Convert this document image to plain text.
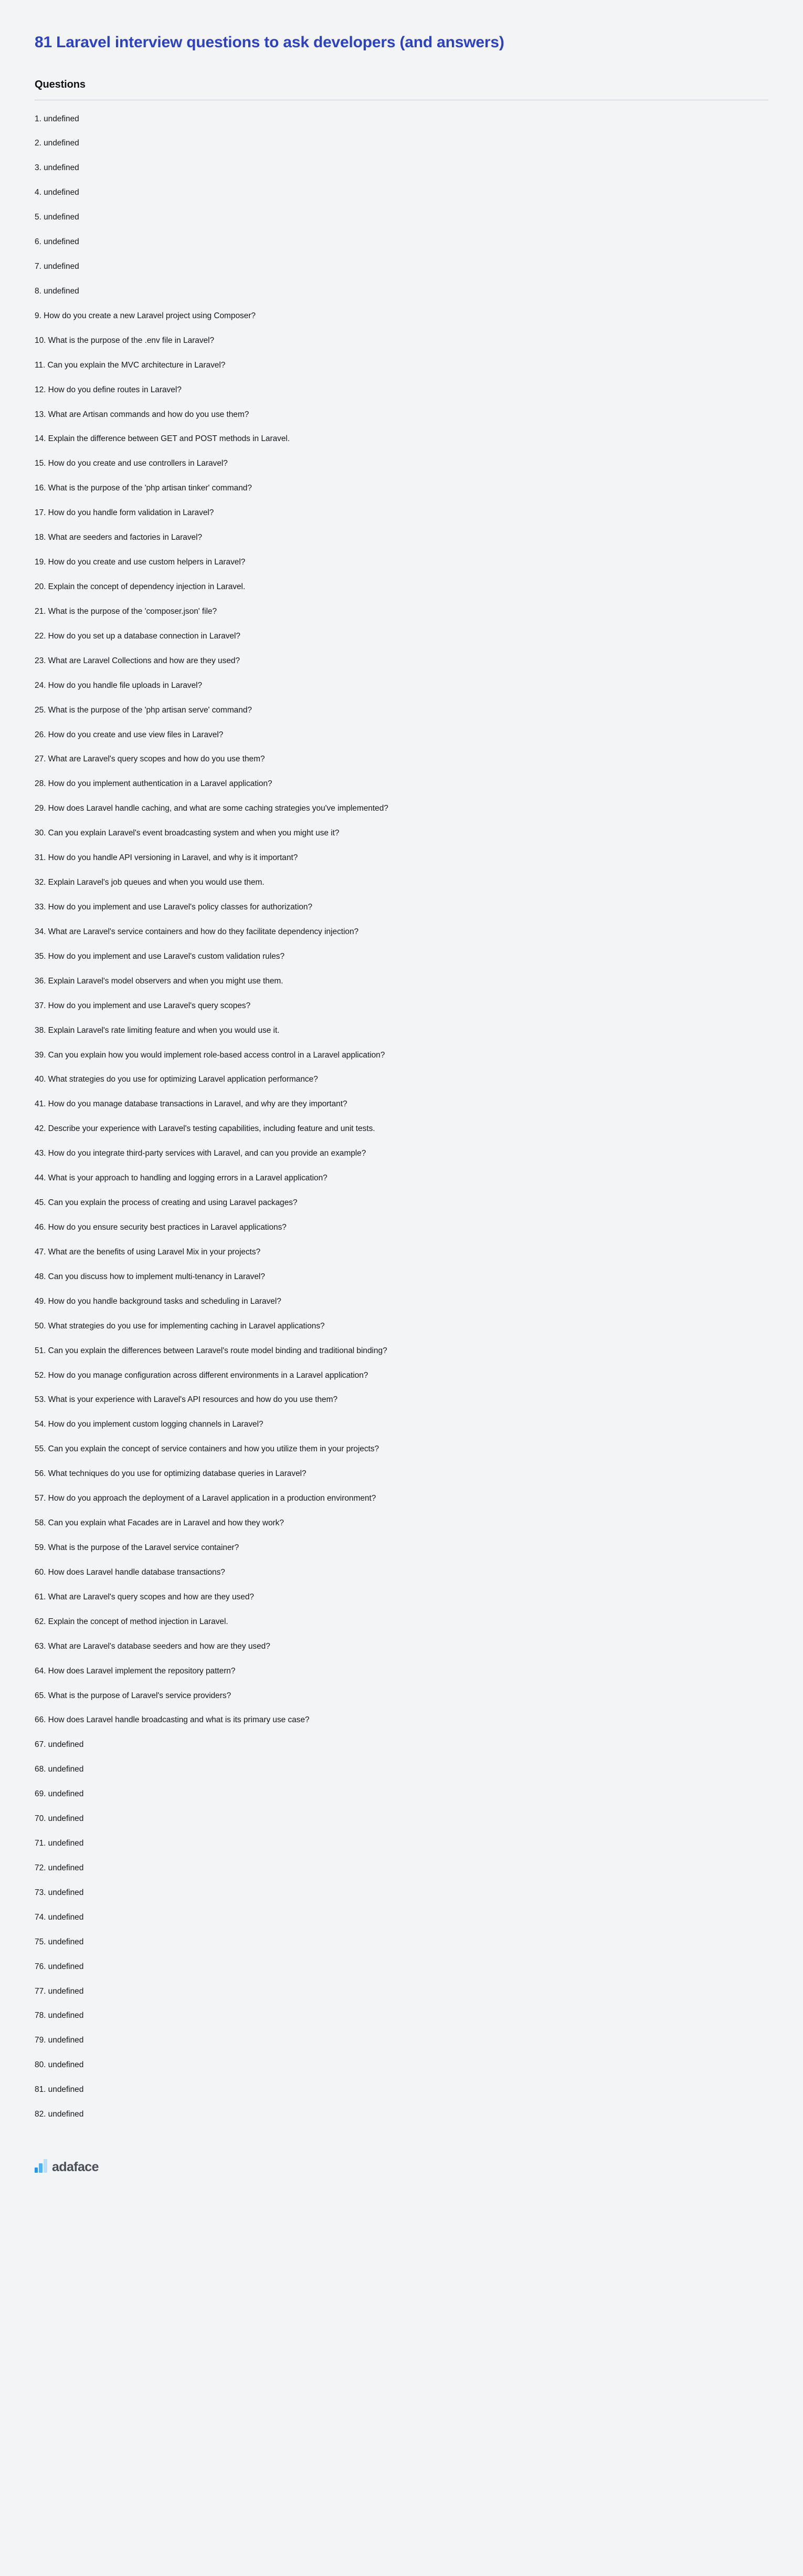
81 Laravel interview questions to ask developers (and answers)
Questions
1. undefined
2. undefined
3. undefined
4. undefined
5. undefined
6. undefined
7. undefined
8. undefined
9. How do you create a new Laravel project using Composer?
10. What is the purpose of the .env file in Laravel?
11. Can you explain the MVC architecture in Laravel?
12. How do you define routes in Laravel?
13. What are Artisan commands and how do you use them?
14. Explain the difference between GET and POST methods in Laravel.
15. How do you create and use controllers in Laravel?
16. What is the purpose of the 'php artisan tinker' command?
17. How do you handle form validation in Laravel?
18. What are seeders and factories in Laravel?
19. How do you create and use custom helpers in Laravel?
20. Explain the concept of dependency injection in Laravel.
21. What is the purpose of the 'composer.json' file?
22. How do you set up a database connection in Laravel?
23. What are Laravel Collections and how are they used?
24. How do you handle file uploads in Laravel?
25. What is the purpose of the 'php artisan serve' command?
26. How do you create and use view files in Laravel?
27. What are Laravel's query scopes and how do you use them?
28. How do you implement authentication in a Laravel application?
29. How does Laravel handle caching, and what are some caching strategies you've implemented?
30. Can you explain Laravel's event broadcasting system and when you might use it?
31. How do you handle API versioning in Laravel, and why is it important?
32. Explain Laravel's job queues and when you would use them.
33. How do you implement and use Laravel's policy classes for authorization?
34. What are Laravel's service containers and how do they facilitate dependency injection?
35. How do you implement and use Laravel's custom validation rules?
36. Explain Laravel's model observers and when you might use them.
37. How do you implement and use Laravel's query scopes?
38. Explain Laravel's rate limiting feature and when you would use it.
39. Can you explain how you would implement role-based access control in a Laravel application?
40. What strategies do you use for optimizing Laravel application performance?
41. How do you manage database transactions in Laravel, and why are they important?
42. Describe your experience with Laravel's testing capabilities, including feature and unit tests.
43. How do you integrate third-party services with Laravel, and can you provide an example?
44. What is your approach to handling and logging errors in a Laravel application?
45. Can you explain the process of creating and using Laravel packages?
46. How do you ensure security best practices in Laravel applications?
47. What are the benefits of using Laravel Mix in your projects?
48. Can you discuss how to implement multi-tenancy in Laravel?
49. How do you handle background tasks and scheduling in Laravel?
50. What strategies do you use for implementing caching in Laravel applications?
51. Can you explain the differences between Laravel's route model binding and traditional binding?
52. How do you manage configuration across different environments in a Laravel application?
53. What is your experience with Laravel's API resources and how do you use them?
54. How do you implement custom logging channels in Laravel?
55. Can you explain the concept of service containers and how you utilize them in your projects?
56. What techniques do you use for optimizing database queries in Laravel?
57. How do you approach the deployment of a Laravel application in a production environment?
58. Can you explain what Facades are in Laravel and how they work?
59. What is the purpose of the Laravel service container?
60. How does Laravel handle database transactions?
61. What are Laravel's query scopes and how are they used?
62. Explain the concept of method injection in Laravel.
63. What are Laravel's database seeders and how are they used?
64. How does Laravel implement the repository pattern?
65. What is the purpose of Laravel's service providers?
66. How does Laravel handle broadcasting and what is its primary use case?
67. undefined
68. undefined
69. undefined
70. undefined
71. undefined
72. undefined
73. undefined
74. undefined
75. undefined
76. undefined
77. undefined
78. undefined
79. undefined
80. undefined
81. undefined
82. undefined
adaface
